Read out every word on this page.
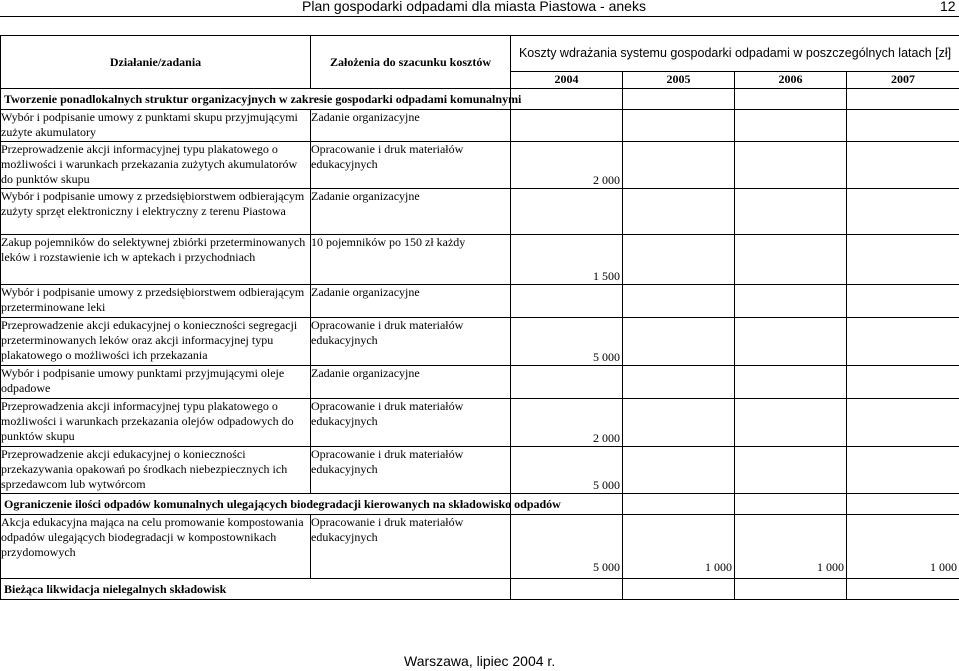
Plan gospodarki odpadami dla miasta Piastowa - aneks	12
Działanie/zadania	Założenia do szacunku kosztów	Koszty wdrażania systemu gospodarki odpadami w poszczególnych latach [zł]			
		2004	2005	2006	2007
Tworzenie ponadlokalnych struktur organizacyjnych w zakresie gospodarki odpadami komunalnymi					
Wybór i podpisanie umowy z punktami skupu przyjmującymi zużyte akumulatory	Zadanie organizacyjne				
Przeprowadzenie akcji informacyjnej typu plakatowego o możliwości i warunkach przekazania zużytych akumulatorów do punktów skupu	Opracowanie i druk materiałów edukacyjnych	2 000			
Wybór i podpisanie umowy z przedsiębiorstwem odbierającym zużyty sprzęt elektroniczny i elektryczny z terenu Piastowa	Zadanie organizacyjne				
Zakup pojemników do selektywnej zbiórki przeterminowanych leków i rozstawienie ich w aptekach i przychodniach	10 pojemników po 150 zł każdy	1 500			
Wybór i podpisanie umowy z przedsiębiorstwem odbierającym przeterminowane leki	Zadanie organizacyjne				
Przeprowadzenie akcji edukacyjnej o konieczności segregacji przeterminowanych leków oraz akcji informacyjnej typu plakatowego o możliwości ich przekazania	Opracowanie i druk materiałów edukacyjnych	5 000			
Wybór i podpisanie umowy punktami przyjmującymi oleje odpadowe	Zadanie organizacyjne				
Przeprowadzenia akcji informacyjnej typu plakatowego o możliwości i warunkach przekazania olejów odpadowych do punktów skupu	Opracowanie i druk materiałów edukacyjnych	2 000			
Przeprowadzenie akcji edukacyjnej o konieczności przekazywania opakowań po środkach niebezpiecznych ich sprzedawcom lub wytwórcom	Opracowanie i druk materiałów edukacyjnych	5 000			
Ograniczenie ilości odpadów komunalnych ulegających biodegradacji kierowanych na składowisko odpadów					
Akcja edukacyjna mająca na celu promowanie kompostowania odpadów ulegających biodegradacji w kompostownikach przydomowych	Opracowanie i druk materiałów edukacyjnych	5 000	1 000	1 000	1 000
Bieżąca likwidacja nielegalnych składowisk					
Warszawa, lipiec 2004 r.
